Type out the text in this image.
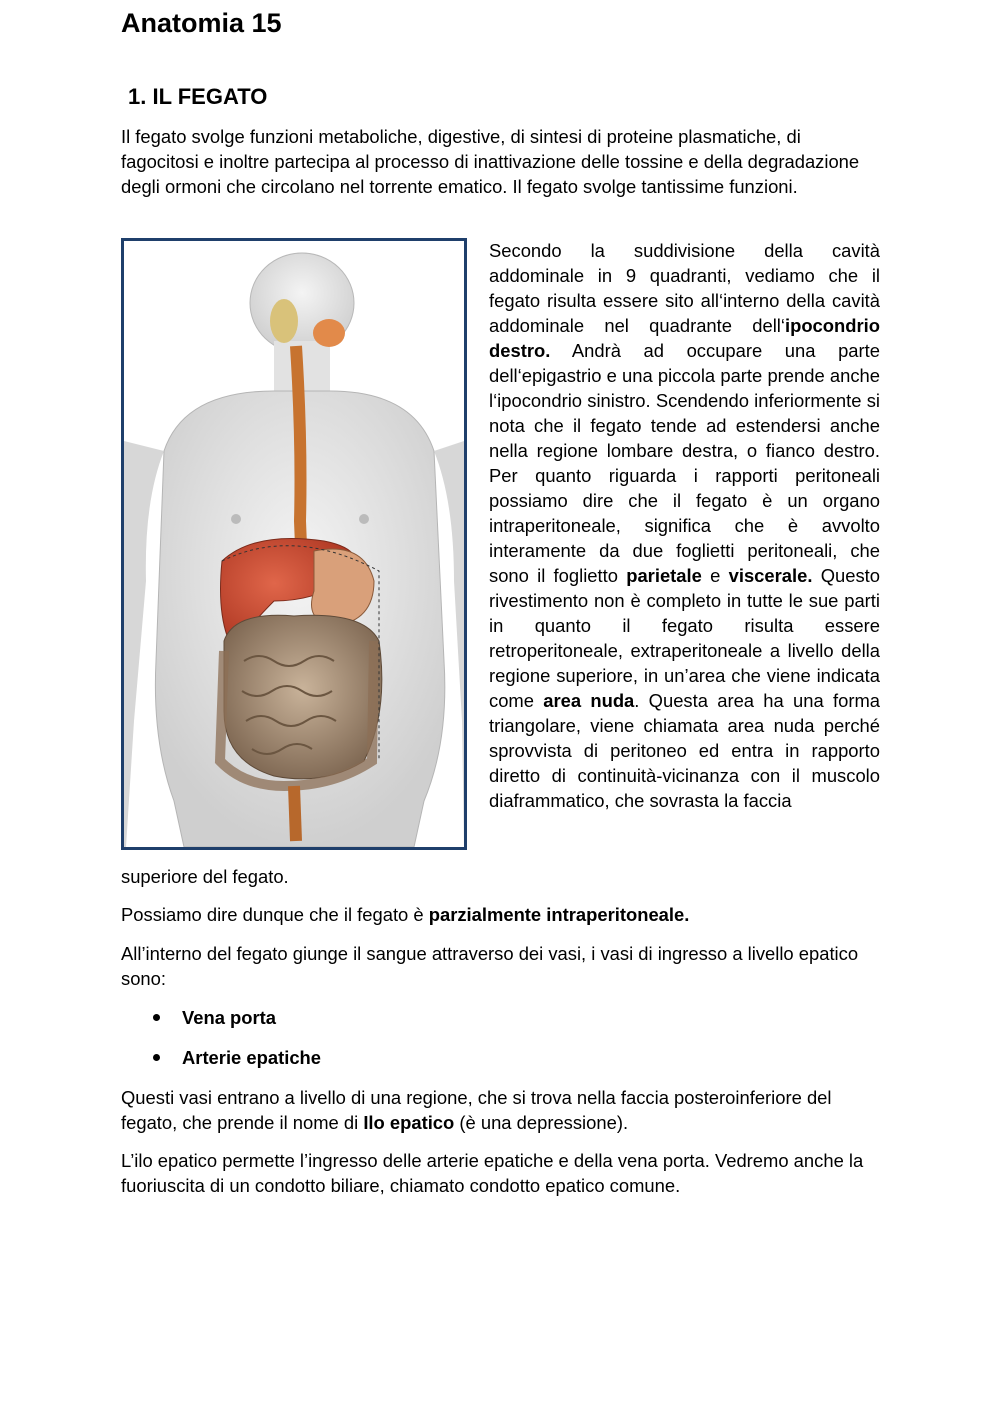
Anatomia 15
1. IL FEGATO

Il fegato svolge funzioni metaboliche, digestive, di sintesi di proteine plasmatiche, di fagocitosi e inoltre partecipa al processo di inattivazione delle tossine e della degradazione degli ormoni che circolano nel torrente ematico. Il fegato svolge tantissime funzioni.

Secondo la suddivisione della cavità addominale in 9 quadranti, vediamo che il fegato risulta essere sito all‘interno della cavità addominale nel quadrante dell‘ipocondrio destro. Andrà ad occupare una parte dell‘epigastrio e una piccola parte prende anche l‘ipocondrio sinistro. Scendendo inferiormente si nota che il fegato tende ad estendersi anche nella regione lombare destra, o fianco destro. Per quanto riguarda i rapporti peritoneali possiamo dire che il fegato è un organo intraperitoneale, significa che è avvolto interamente da due foglietti peritoneali, che sono il foglietto parietale e viscerale. Questo rivestimento non è completo in tutte le sue parti in quanto il fegato risulta essere retroperitoneale, extraperitoneale a livello della regione superiore, in un’area che viene indicata come area nuda. Questa area ha una forma triangolare, viene chiamata area nuda perché sprovvista di peritoneo ed entra in rapporto diretto di continuità-vicinanza con il muscolo diaframmatico, che sovrasta la faccia

superiore del fegato.

Possiamo dire dunque che il fegato è parzialmente intraperitoneale.

All’interno del fegato giunge il sangue attraverso dei vasi, i vasi di ingresso a livello epatico sono:

Vena porta
Arterie epatiche

Questi vasi entrano a livello di una regione, che si trova nella faccia posteroinferiore del fegato, che prende il nome di Ilo epatico (è una depressione).

L’ilo epatico permette l’ingresso delle arterie epatiche e della vena porta. Vedremo anche la fuoriuscita di un condotto biliare, chiamato condotto epatico comune.
